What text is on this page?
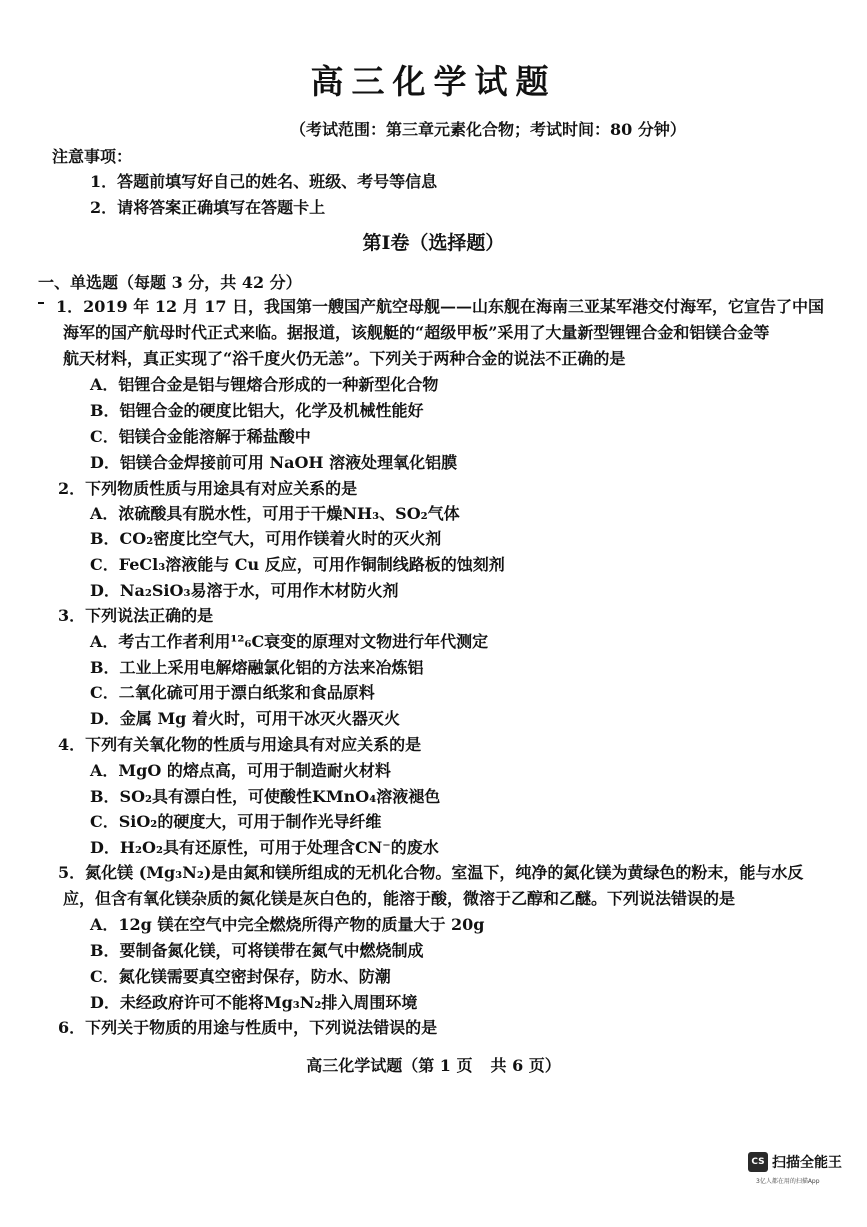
高三化学试题
（考试范围：第三章元素化合物；考试时间：80 分钟）
注意事项：
1．答题前填写好自己的姓名、班级、考号等信息
2．请将答案正确填写在答题卡上
第Ⅰ卷（选择题）
一、单选题（每题 3 分，共 42 分）
1．2019 年 12 月 17 日，我国第一艘国产航空母舰——山东舰在海南三亚某军港交付海军，它宣告了中国
海军的国产航母时代正式来临。据报道，该舰艇的“超级甲板”采用了大量新型锂锂合金和铝镁合金等
航天材料，真正实现了“浴千度火仍无恙”。下列关于两种合金的说法不正确的是
A．铝锂合金是铝与锂熔合形成的一种新型化合物
B．铝锂合金的硬度比铝大，化学及机械性能好
C．铝镁合金能溶解于稀盐酸中
D．铝镁合金焊接前可用 NaOH 溶液处理氧化铝膜
2．下列物质性质与用途具有对应关系的是
A．浓硫酸具有脱水性，可用于干燥NH₃、SO₂气体
B．CO₂密度比空气大，可用作镁着火时的灭火剂
C．FeCl₃溶液能与 Cu 反应，可用作铜制线路板的蚀刻剂
D．Na₂SiO₃易溶于水，可用作木材防火剂
3．下列说法正确的是
A．考古工作者利用¹²₆C衰变的原理对文物进行年代测定
B．工业上采用电解熔融氯化铝的方法来冶炼铝
C．二氧化硫可用于漂白纸浆和食品原料
D．金属 Mg 着火时，可用干冰灭火器灭火
4．下列有关氧化物的性质与用途具有对应关系的是
A．MgO 的熔点高，可用于制造耐火材料
B．SO₂具有漂白性，可使酸性KMnO₄溶液褪色
C．SiO₂的硬度大，可用于制作光导纤维
D．H₂O₂具有还原性，可用于处理含CN⁻的废水
5．氮化镁 (Mg₃N₂)是由氮和镁所组成的无机化合物。室温下，纯净的氮化镁为黄绿色的粉末，能与水反
应，但含有氧化镁杂质的氮化镁是灰白色的，能溶于酸，微溶于乙醇和乙醚。下列说法错误的是
A．12g 镁在空气中完全燃烧所得产物的质量大于 20g
B．要制备氮化镁，可将镁带在氮气中燃烧制成
C．氮化镁需要真空密封保存，防水、防潮
D．未经政府许可不能将Mg₃N₂排入周围环境
6．下列关于物质的用途与性质中，下列说法错误的是
高三化学试题（第 1 页 共 6 页）
CS 扫描全能王
3亿人都在用的扫描App
